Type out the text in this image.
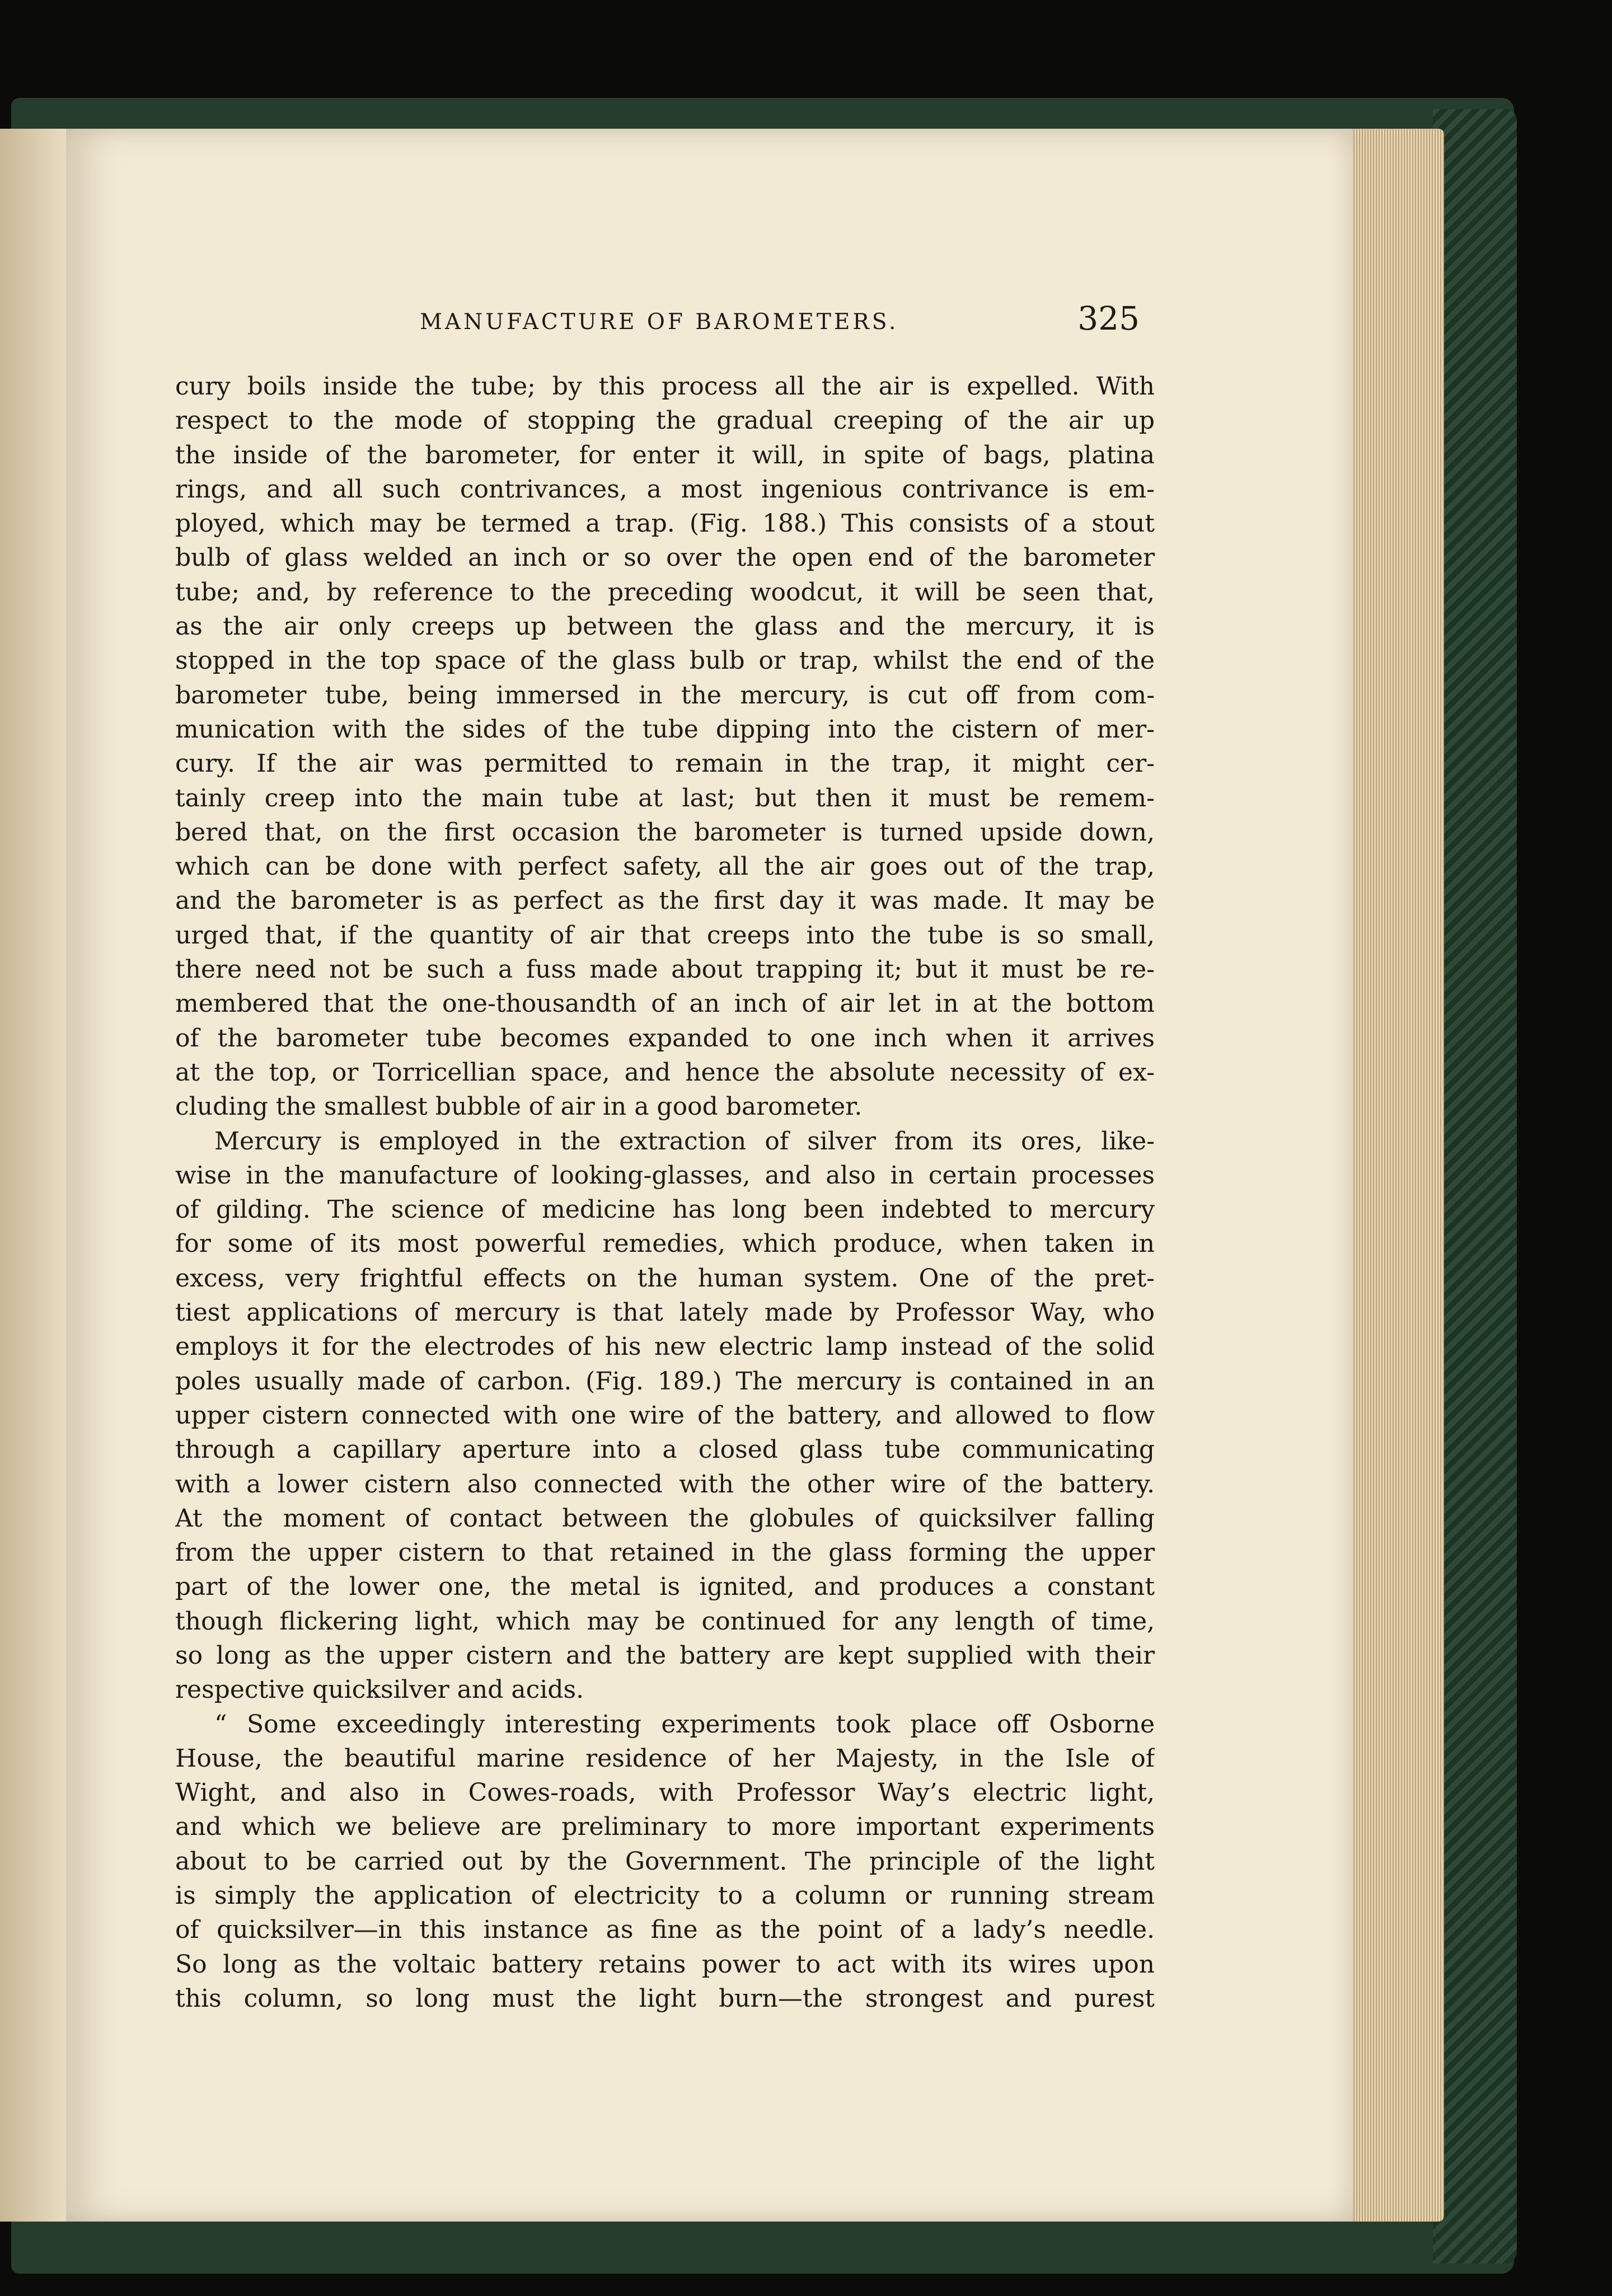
MANUFACTURE OF BAROMETERS.	325
cury boils inside the tube; by this process all the air is expelled. With
respect to the mode of stopping the gradual creeping of the air up
the inside of the barometer, for enter it will, in spite of bags, platina
rings, and all such contrivances, a most ingenious contrivance is em-
ployed, which may be termed a trap. (Fig. 188.) This consists of a stout
bulb of glass welded an inch or so over the open end of the barometer
tube; and, by reference to the preceding woodcut, it will be seen that,
as the air only creeps up between the glass and the mercury, it is
stopped in the top space of the glass bulb or trap, whilst the end of the
barometer tube, being immersed in the mercury, is cut off from com-
munication with the sides of the tube dipping into the cistern of mer-
cury. If the air was permitted to remain in the trap, it might cer-
tainly creep into the main tube at last; but then it must be remem-
bered that, on the first occasion the barometer is turned upside down,
which can be done with perfect safety, all the air goes out of the trap,
and the barometer is as perfect as the first day it was made. It may be
urged that, if the quantity of air that creeps into the tube is so small,
there need not be such a fuss made about trapping it; but it must be re-
membered that the one-thousandth of an inch of air let in at the bottom
of the barometer tube becomes expanded to one inch when it arrives
at the top, or Torricellian space, and hence the absolute necessity of ex-
cluding the smallest bubble of air in a good barometer.
Mercury is employed in the extraction of silver from its ores, like-
wise in the manufacture of looking-glasses, and also in certain processes
of gilding. The science of medicine has long been indebted to mercury
for some of its most powerful remedies, which produce, when taken in
excess, very frightful effects on the human system. One of the pret-
tiest applications of mercury is that lately made by Professor Way, who
employs it for the electrodes of his new electric lamp instead of the solid
poles usually made of carbon. (Fig. 189.) The mercury is contained in an
upper cistern connected with one wire of the battery, and allowed to flow
through a capillary aperture into a closed glass tube communicating
with a lower cistern also connected with the other wire of the battery.
At the moment of contact between the globules of quicksilver falling
from the upper cistern to that retained in the glass forming the upper
part of the lower one, the metal is ignited, and produces a constant
though flickering light, which may be continued for any length of time,
so long as the upper cistern and the battery are kept supplied with their
respective quicksilver and acids.
“ Some exceedingly interesting experiments took place off Osborne
House, the beautiful marine residence of her Majesty, in the Isle of
Wight, and also in Cowes-roads, with Professor Way’s electric light,
and which we believe are preliminary to more important experiments
about to be carried out by the Government. The principle of the light
is simply the application of electricity to a column or running stream
of quicksilver—in this instance as fine as the point of a lady’s needle.
So long as the voltaic battery retains power to act with its wires upon
this column, so long must the light burn—the strongest and purest
